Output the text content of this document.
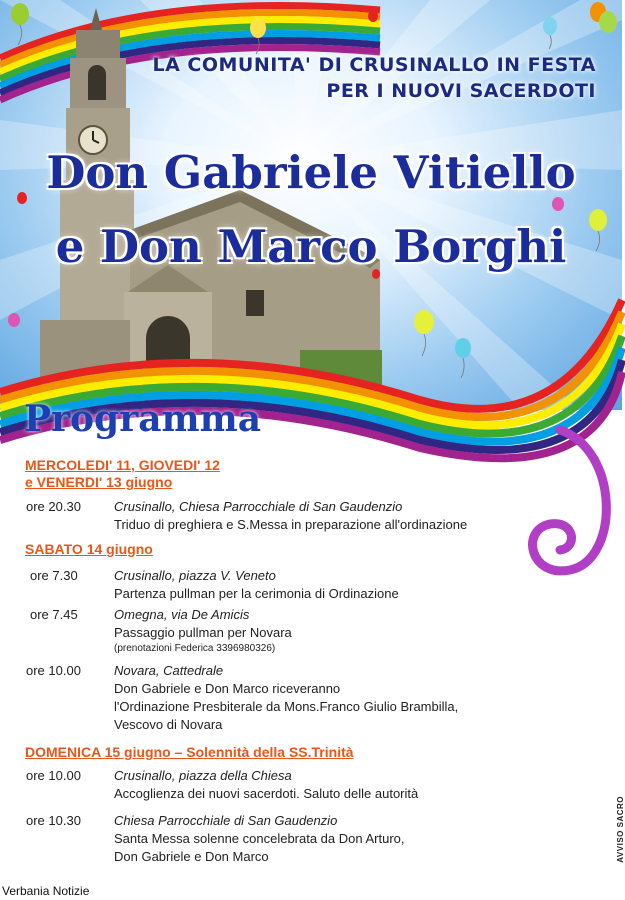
LA COMUNITA' DI CRUSINALLO IN FESTA
PER I NUOVI SACERDOTI
Don Gabriele Vitiello
e Don Marco Borghi
Programma
MERCOLEDI' 11, GIOVEDI' 12
e VENERDI' 13 giugno
ore 20.30	Crusinallo, Chiesa Parrocchiale di San Gaudenzio
Triduo di preghiera e S.Messa in preparazione all'ordinazione
SABATO 14 giugno
ore 7.30	Crusinallo, piazza V. Veneto
Partenza pullman per la cerimonia di Ordinazione
ore 7.45	Omegna, via De Amicis
Passaggio pullman per Novara
(prenotazioni Federica 3396980326)
ore 10.00	Novara, Cattedrale
Don Gabriele e Don Marco riceveranno
l'Ordinazione Presbiterale da Mons.Franco Giulio Brambilla,
Vescovo di Novara
DOMENICA 15 giugno – Solennità della SS.Trinità
ore 10.00	Crusinallo, piazza della Chiesa
Accoglienza dei nuovi sacerdoti. Saluto delle autorità
ore 10.30	Chiesa Parrocchiale di San Gaudenzio
Santa Messa solenne concelebrata da Don Arturo,
Don Gabriele e Don Marco	AVVISO SACRO
Verbania Notizie
